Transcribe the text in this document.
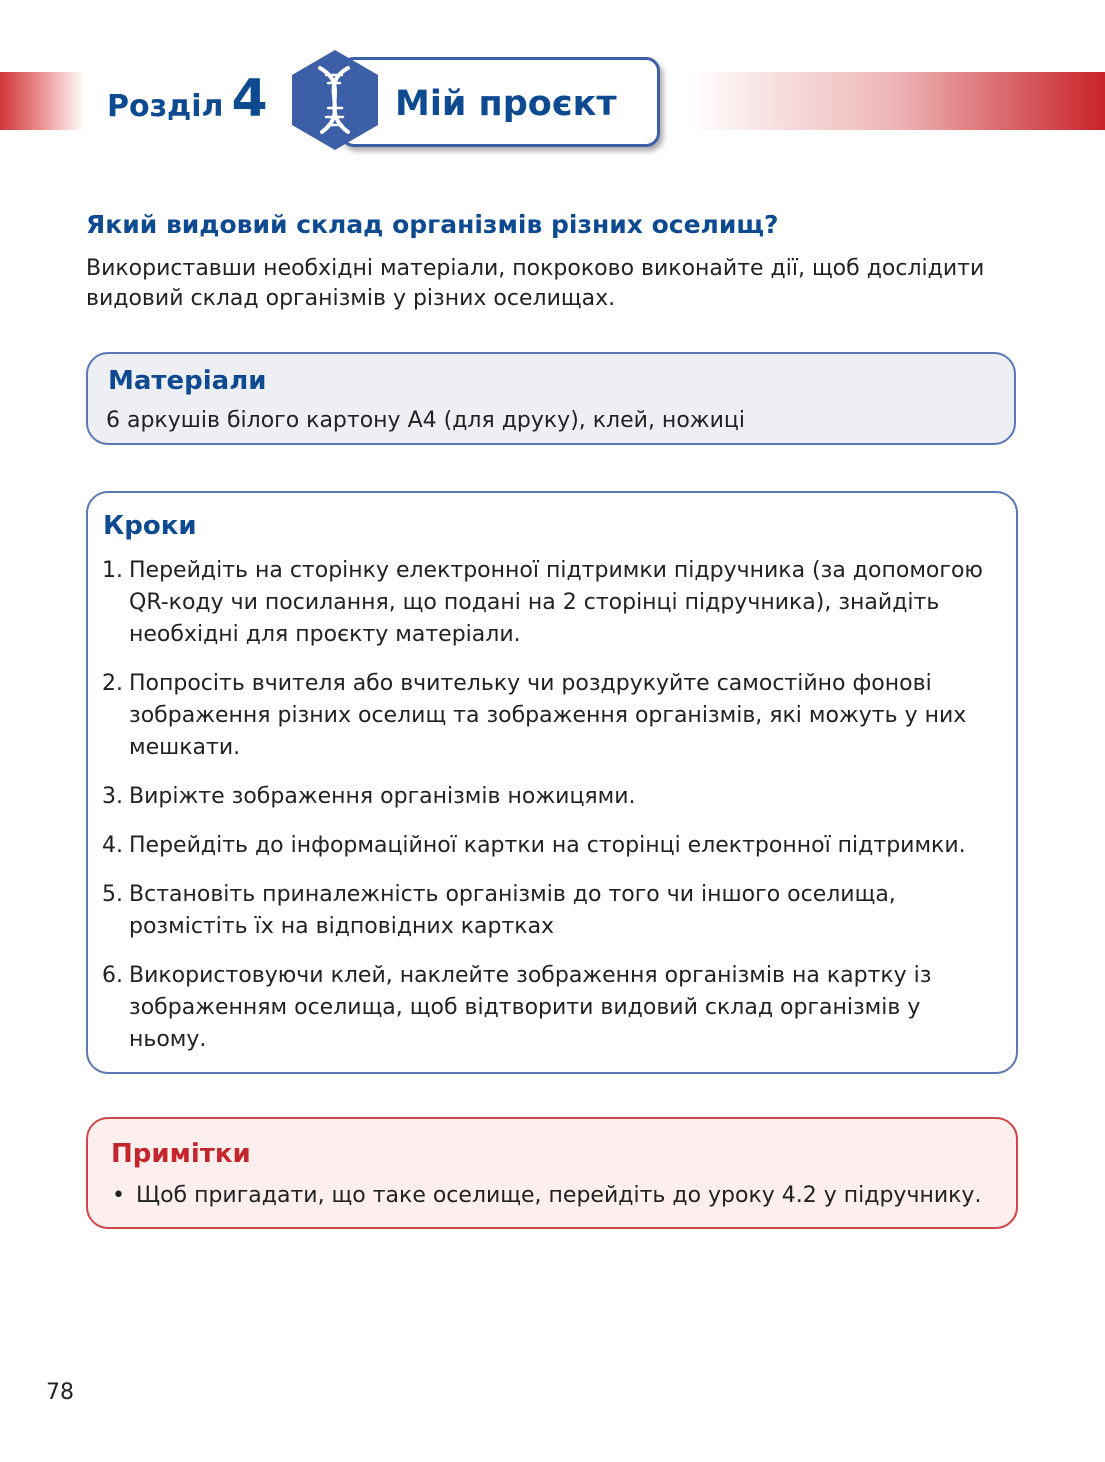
Розділ 4	Мій проєкт
Який видовий склад організмів різних оселищ?
Використавши необхідні матеріали, покроково виконайте дії, щоб дослідити видовий склад організмів у різних оселищах.
Матеріали
6 аркушів білого картону А4 (для друку), клей, ножиці
Кроки
1. Перейдіть на сторінку електронної підтримки підручника (за допомогою QR-коду чи посилання, що подані на 2 сторінці підручника), знайдіть необхідні для проєкту матеріали.
2. Попросіть вчителя або вчительку чи роздрукуйте самостійно фонові зображення різних оселищ та зображення організмів, які можуть у них мешкати.
3. Виріжте зображення організмів ножицями.
4. Перейдіть до інформаційної картки на сторінці електронної підтримки.
5. Встановіть приналежність організмів до того чи іншого оселища, розмістіть їх на відповідних картках
6. Використовуючи клей, наклейте зображення організмів на картку із зображенням оселища, щоб відтворити видовий склад організмів у ньому.
Примітки
• Щоб пригадати, що таке оселище, перейдіть до уроку 4.2 у підручнику.
78
